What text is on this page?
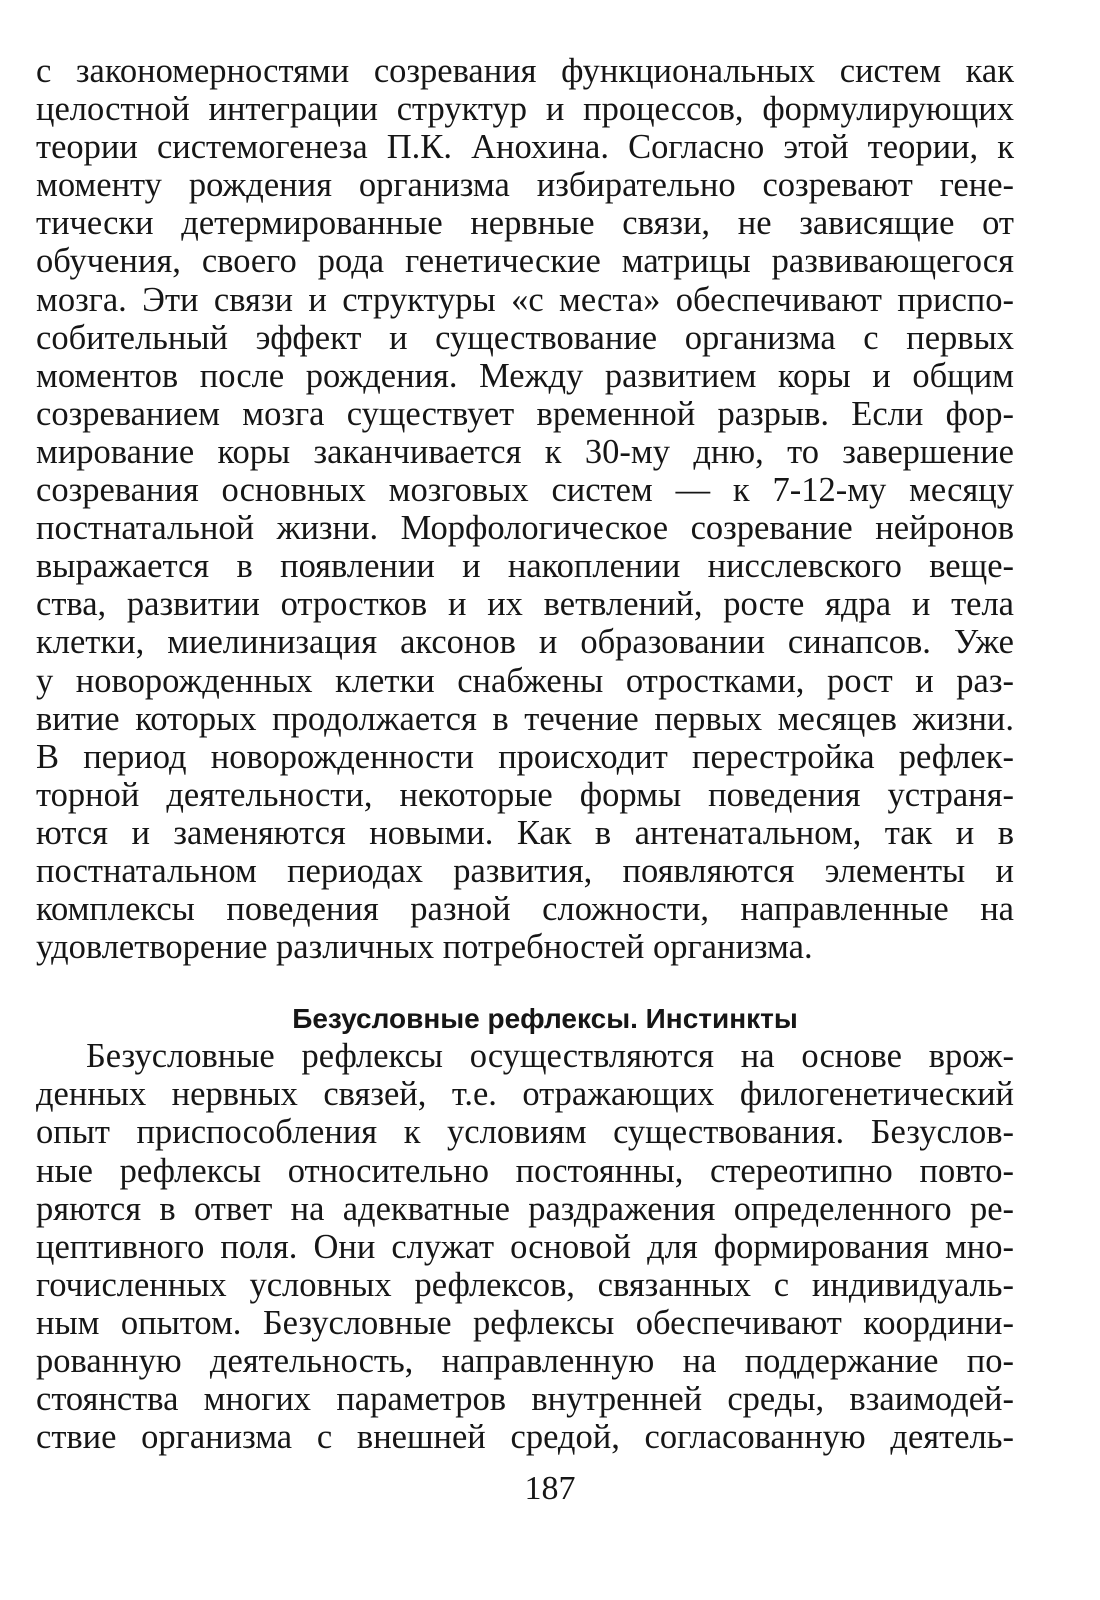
с закономерностями созревания функциональных систем как
целостной интеграции структур и процессов, формулирующих
теории системогенеза П.К. Анохина. Согласно этой теории, к
моменту рождения организма избирательно созревают гене-
тически детермированные нервные связи, не зависящие от
обучения, своего рода генетические матрицы развивающегося
мозга. Эти связи и структуры «с места» обеспечивают приспо-
собительный эффект и существование организма с первых
моментов после рождения. Между развитием коры и общим
созреванием мозга существует временной разрыв. Если фор-
мирование коры заканчивается к 30-му дню, то завершение
созревания основных мозговых систем — к 7-12-му месяцу
постнатальной жизни. Морфологическое созревание нейронов
выражается в появлении и накоплении нисслевского веще-
ства, развитии отростков и их ветвлений, росте ядра и тела
клетки, миелинизация аксонов и образовании синапсов. Уже
у новорожденных клетки снабжены отростками, рост и раз-
витие которых продолжается в течение первых месяцев жизни.
В период новорожденности происходит перестройка рефлек-
торной деятельности, некоторые формы поведения устраня-
ются и заменяются новыми. Как в антенатальном, так и в
постнатальном периодах развития, появляются элементы и
комплексы поведения разной сложности, направленные на
удовлетворение различных потребностей организма.
Безусловные рефлексы. Инстинкты
Безусловные рефлексы осуществляются на основе врож-
денных нервных связей, т.е. отражающих филогенетический
опыт приспособления к условиям существования. Безуслов-
ные рефлексы относительно постоянны, стереотипно повто-
ряются в ответ на адекватные раздражения определенного ре-
цептивного поля. Они служат основой для формирования мно-
гочисленных условных рефлексов, связанных с индивидуаль-
ным опытом. Безусловные рефлексы обеспечивают координи-
рованную деятельность, направленную на поддержание по-
стоянства многих параметров внутренней среды, взаимодей-
ствие организма с внешней средой, согласованную деятель-
187
